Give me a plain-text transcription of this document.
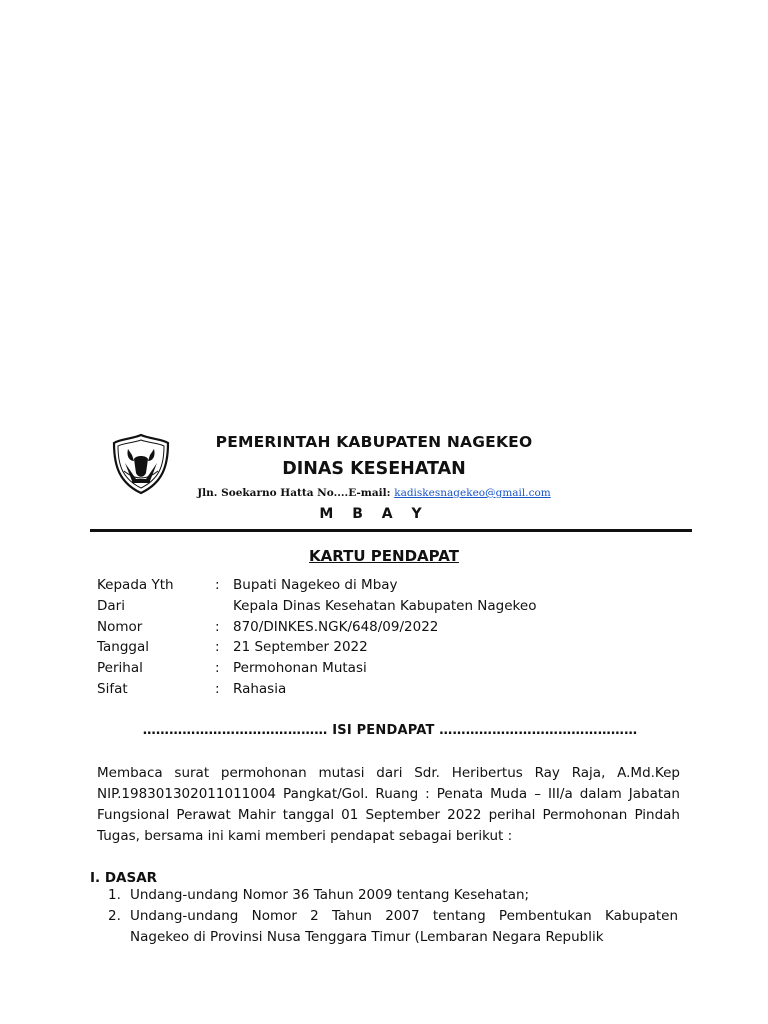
PEMERINTAH KABUPATEN NAGEKEO
DINAS KESEHATAN
Jln. Soekarno Hatta No....E-mail: kadiskesnagekeo@gmail.com
M B A Y
KARTU PENDAPAT
Kepada Yth	: Bupati Nagekeo di Mbay
Dari	Kepala Dinas Kesehatan Kabupaten Nagekeo
Nomor	: 870/DINKES.NGK/648/09/2022
Tanggal	: 21 September 2022
Perihal	: Permohonan Mutasi
Sifat	: Rahasia
…………………………………… ISI PENDAPAT ………………………………………
Membaca surat permohonan mutasi dari Sdr. Heribertus Ray Raja, A.Md.Kep NIP.198301302011011004 Pangkat/Gol. Ruang : Penata Muda – III/a dalam Jabatan Fungsional Perawat Mahir tanggal 01 September 2022 perihal Permohonan Pindah Tugas, bersama ini kami memberi pendapat sebagai berikut :
I. DASAR
1. Undang-undang Nomor 36 Tahun 2009 tentang Kesehatan;
2. Undang-undang Nomor 2 Tahun 2007 tentang Pembentukan Kabupaten Nagekeo di Provinsi Nusa Tenggara Timur (Lembaran Negara Republik
